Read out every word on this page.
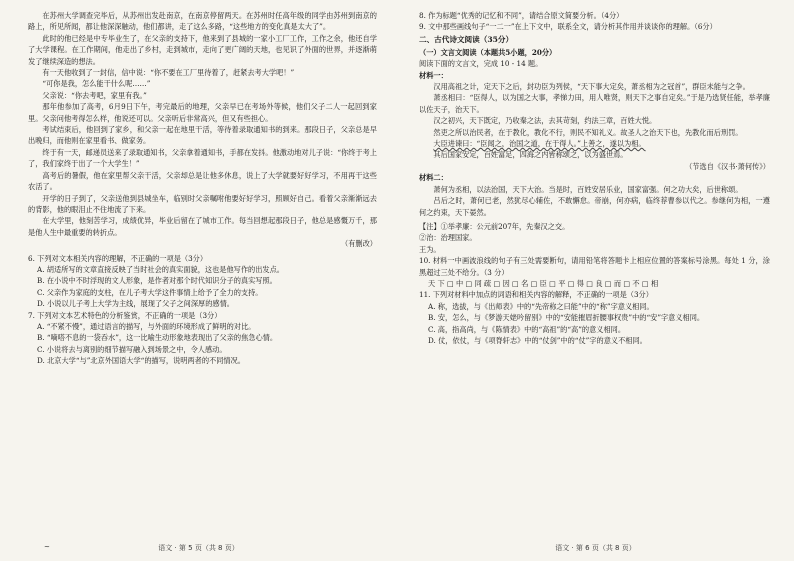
在苏州大学调查完毕后，从苏州出发赴南京，在南京停留两天。在苏州时任高年级的同学由苏州到南京的路上，所见所闻，都让他深深触动，他们都讲，走了这么多路，“这些地方的变化真是太大了”。

此时的他已经是中专毕业生了，在父亲的支持下，他来到了县城的一家小工厂工作，工作之余，他还自学了大学课程。在工作期间，他走出了乡村，走到城市，走向了更广阔的天地，也见识了外面的世界，并逐渐萌发了继续深造的想法。

有一天他收到了一封信，信中说：“你不要在工厂里待着了，赶紧去考大学吧！”

“可你是我，怎么能干什么呢……”

父亲说：“你去考吧，家里有我。”

那年他参加了高考，6月9日下午，考完最后的地理，父亲早已在考场外等候，他们父子二人一起回到家里。父亲问他考得怎么样，他说还可以。父亲听后非常高兴，但又有些担心。

考试结束后，他回到了家乡，和父亲一起在地里干活，等待着录取通知书的到来。那段日子，父亲总是早出晚归，而他则在家里看书、做家务。

终于有一天，邮递员送来了录取通知书，父亲拿着通知书，手都在发抖。他激动地对儿子说：“你终于考上了，我们家终于出了一个大学生！”

高考后的暑假，他在家里帮父亲干活，父亲却总是让他多休息，说上了大学就要好好学习，不用再干这些农活了。

开学的日子到了，父亲送他到县城坐车，临别时父亲嘱咐他要好好学习，照顾好自己。看着父亲渐渐远去的背影，他的眼泪止不住地流了下来。

在大学里，他刻苦学习，成绩优异，毕业后留在了城市工作。每当回想起那段日子，他总是感慨万千，那是他人生中最重要的转折点。

（有删改）
6. 下列对文本相关内容的理解，不正确的一项是（3分）
A. 胡适所写的文章直接反映了当时社会的真实面貌，这也是他写作的出发点。
B. 在小说中不时浮现的文人形象，是作者对那个时代知识分子的真实写照。
C. 父亲作为家庭的支柱，在儿子考大学这件事情上给予了全力的支持。
D. 小说以儿子考上大学为主线，展现了父子之间深厚的感情。
7. 下列对文本艺术特色的分析鉴赏，不正确的一项是（3分）
A. “不紧不慢”，通过语言的描写，与外面的环境形成了鲜明的对比。
B. “嘀嗒不息的一袋吞水”，这一比喻生动形象地表现出了父亲的焦急心情。
C. 小说将去与离别的细节描写融入到场景之中，令人感动。
D. 北京大学“与”北京外国语大学“的描写，说明两者的不同情况。
~	语文 · 第 5 页（共 8 页）
8. 作为标题“优秀的记忆和不同”，请结合原文简要分析。（4分）
9. 文中那些画线句子“一二一”在上下文中，联系全文，请分析其作用并谈谈你的理解。（6分）
二、古代诗文阅读（35分）
（一）文言文阅读（本题共5小题，20分）
阅读下面的文言文，完成 10 - 14 题。
材料一：

汉用高祖之计，定天下之后，封功臣为列侯，“天下事大定矣，萧丞相为之冠首”，群臣未能与之争。

萧丞相曰：“臣得人，以为国之大事，孝悌力田，用人唯贤，则天下之事自定矣。”于是乃选贤任能，举孝廉以佐天子，治天下。

汉之初兴，天下既定，乃收秦之法，去其苛刻，约法三章，百姓大悦。

然吏之所以治民者，在于教化，教化不行，则民不知礼义。故圣人之治天下也，先教化而后刑罚。

大臣进谏曰：“臣闻之，治国之道，在于得人。”上善之，遂以为相。

其后国家安定，百姓富足，四海之内皆称颂之，以为盛世焉。

（节选自《汉书·萧何传》）
材料二：

萧何为丞相，以法治国，天下大治。当是时，百姓安居乐业，国家富强。何之功大矣，后世称颂。

吕后之时，萧何已老，然犹尽心辅佐，不敢懈怠。帝崩，何亦病，临终荐曹参以代之。参继何为相，一遵何之约束，天下晏然。

【注】①举孝廉：公元前207年，先秦汉之交。
②治：治理国家。
王为。
10. 材料一中画波浪线的句子有三处需要断句，请用铅笔将答题卡上相应位置的答案标号涂黑。每处 1 分，涂黑超过三处不给分。（3 分）
天 下 □ 中 □ 同 疏 □ 因 □ 名 □ 臣 □ 平 □ 得 □ 良 □ 而 □ 不 □ 相
11. 下列对材料中加点的词语和相关内容的解释，不正确的一项是（3分）
A. 称，选拔，与《出师表》中的“先帝称之曰能”中的“称”字意义相同。
B. 安，怎么，与《梦游天姥吟留别》中的“安能摧眉折腰事权贵”中的“安”字意义相同。
C. 高，指高尚，与《陈情表》中的“高祖”的“高”的意义相同。
D. 仗，依仗，与《项脊轩志》中的“仗剑”中的“仗”字的意义不相同。
语文 · 第 6 页（共 8 页）
